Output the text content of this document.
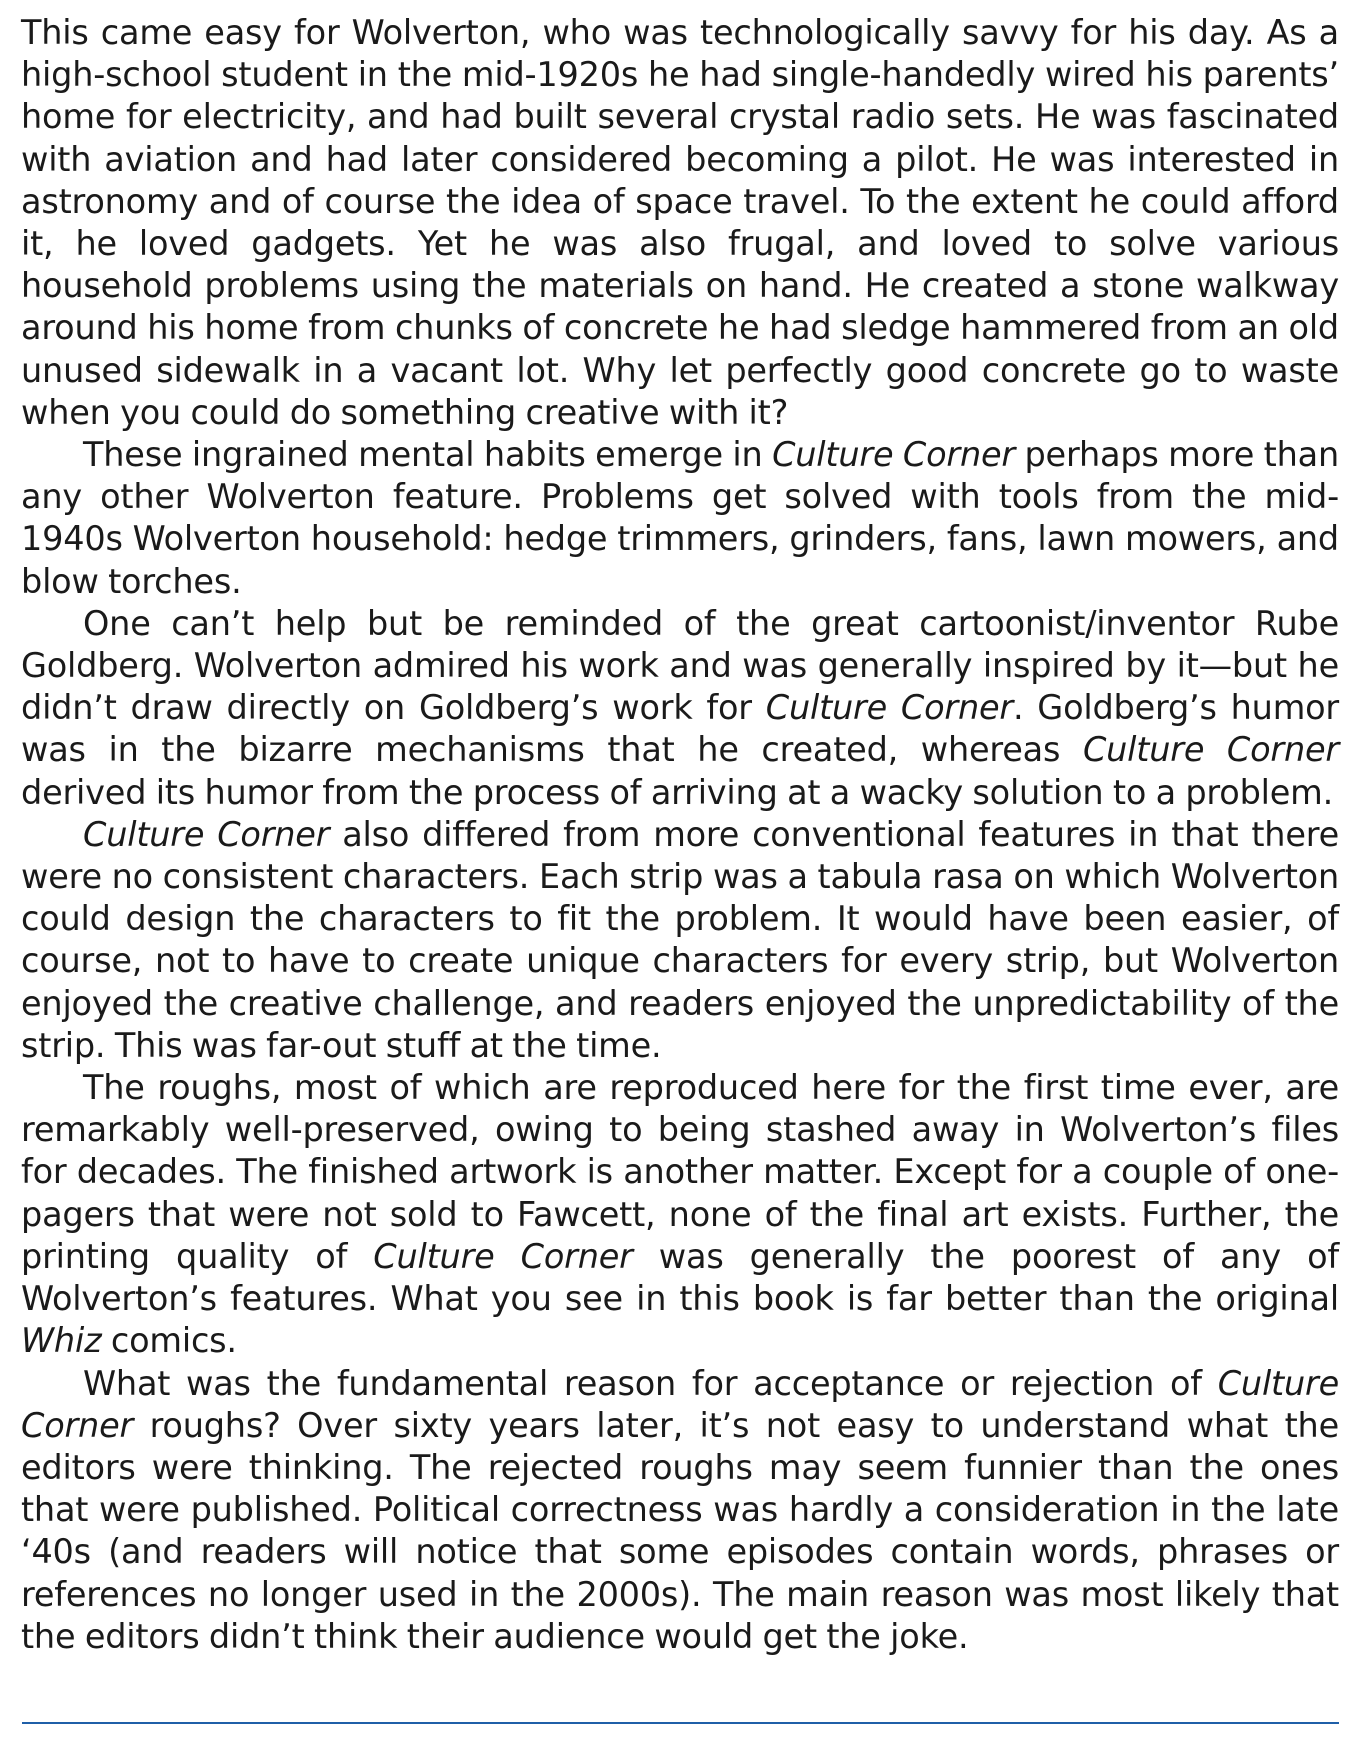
This came easy for Wolverton, who was technologically savvy for his day. As a high-school student in the mid-1920s he had single-handedly wired his parents’ home for electricity, and had built several crystal radio sets. He was fascinated with aviation and had later considered becoming a pilot. He was interested in astronomy and of course the idea of space travel. To the extent he could afford it, he loved gadgets. Yet he was also frugal, and loved to solve various household problems using the materials on hand. He created a stone walkway around his home from chunks of concrete he had sledge hammered from an old unused sidewalk in a vacant lot. Why let perfectly good concrete go to waste when you could do something creative with it?

These ingrained mental habits emerge in Culture Corner perhaps more than any other Wolverton feature. Problems get solved with tools from the mid-1940s Wolverton household: hedge trimmers, grinders, fans, lawn mowers, and blow torches.

One can’t help but be reminded of the great cartoonist/inventor Rube Goldberg. Wolverton admired his work and was generally inspired by it—but he didn’t draw directly on Goldberg’s work for Culture Corner. Goldberg’s humor was in the bizarre mechanisms that he created, whereas Culture Corner derived its humor from the process of arriving at a wacky solution to a problem.

Culture Corner also differed from more conventional features in that there were no consistent characters. Each strip was a tabula rasa on which Wolverton could design the characters to fit the problem. It would have been easier, of course, not to have to create unique characters for every strip, but Wolverton enjoyed the creative challenge, and readers enjoyed the unpredictability of the strip. This was far-out stuff at the time.

The roughs, most of which are reproduced here for the first time ever, are remarkably well-preserved, owing to being stashed away in Wolverton’s files for decades. The finished artwork is another matter. Except for a couple of one-pagers that were not sold to Fawcett, none of the final art exists. Further, the printing quality of Culture Corner was generally the poorest of any of Wolverton’s features. What you see in this book is far better than the original Whiz comics.

What was the fundamental reason for acceptance or rejection of Culture Corner roughs? Over sixty years later, it’s not easy to understand what the editors were thinking. The rejected roughs may seem funnier than the ones that were published. Political correctness was hardly a consideration in the late ‘40s (and readers will notice that some episodes contain words, phrases or references no longer used in the 2000s). The main reason was most likely that the editors didn’t think their audience would get the joke.
